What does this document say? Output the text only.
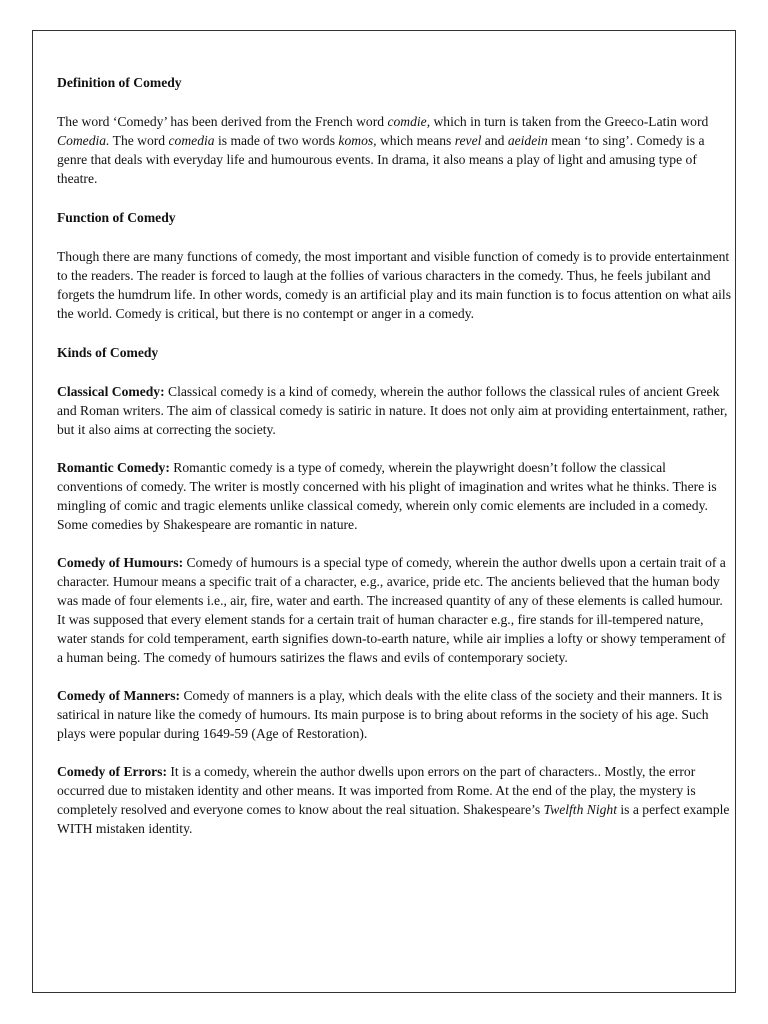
Definition of Comedy

The word ‘Comedy’ has been derived from the French word comdie, which in turn is taken from the Greeco-Latin word Comedia. The word comedia is made of two words komos, which means revel and aeidein mean ‘to sing’. Comedy is a genre that deals with everyday life and humourous events. In drama, it also means a play of light and amusing type of theatre.

Function of Comedy

Though there are many functions of comedy, the most important and visible function of comedy is to provide entertainment to the readers. The reader is forced to laugh at the follies of various characters in the comedy. Thus, he feels jubilant and forgets the humdrum life. In other words, comedy is an artificial play and its main function is to focus attention on what ails the world. Comedy is critical, but there is no contempt or anger in a comedy.

Kinds of Comedy

Classical Comedy: Classical comedy is a kind of comedy, wherein the author follows the classical rules of ancient Greek and Roman writers. The aim of classical comedy is satiric in nature. It does not only aim at providing entertainment, rather, but it also aims at correcting the society.

Romantic Comedy: Romantic comedy is a type of comedy, wherein the playwright doesn’t follow the classical conventions of comedy. The writer is mostly concerned with his plight of imagination and writes what he thinks. There is mingling of comic and tragic elements unlike classical comedy, wherein only comic elements are included in a comedy. Some comedies by Shakespeare are romantic in nature.

Comedy of Humours: Comedy of humours is a special type of comedy, wherein the author dwells upon a certain trait of a character. Humour means a specific trait of a character, e.g., avarice, pride etc. The ancients believed that the human body was made of four elements i.e., air, fire, water and earth. The increased quantity of any of these elements is called humour. It was supposed that every element stands for a certain trait of human character e.g., fire stands for ill-tempered nature, water stands for cold temperament, earth signifies down-to-earth nature, while air implies a lofty or showy temperament of a human being. The comedy of humours satirizes the flaws and evils of contemporary society.

Comedy of Manners: Comedy of manners is a play, which deals with the elite class of the society and their manners. It is satirical in nature like the comedy of humours. Its main purpose is to bring about reforms in the society of his age. Such plays were popular during 1649-59 (Age of Restoration).

Comedy of Errors: It is a comedy, wherein the author dwells upon errors on the part of characters.. Mostly, the error occurred due to mistaken identity and other means. It was imported from Rome. At the end of the play, the mystery is completely resolved and everyone comes to know about the real situation. Shakespeare’s Twelfth Night is a perfect example WITH mistaken identity.
